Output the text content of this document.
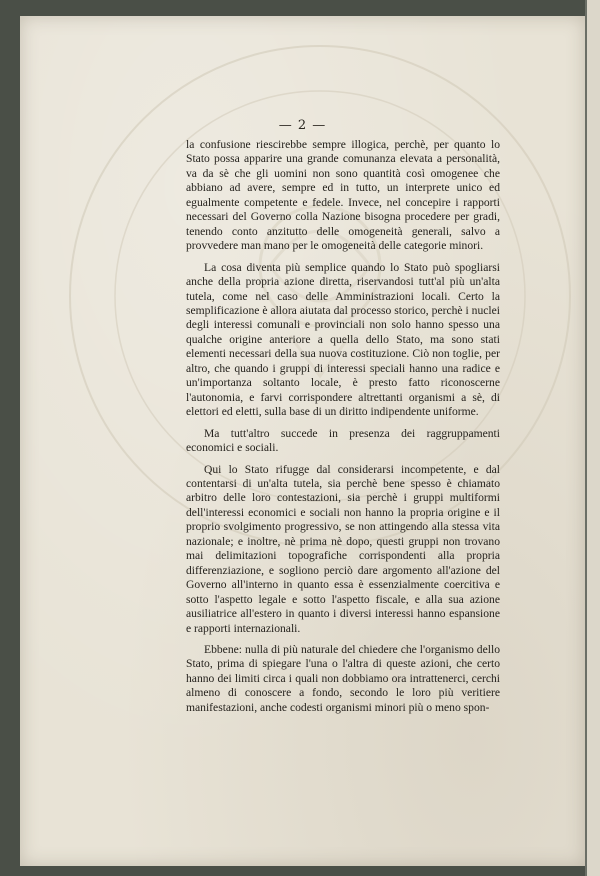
— 2 —

la confusione riescirebbe sempre illogica, perchè, per quanto lo Stato possa apparire una grande comunanza elevata a personalità, va da sè che gli uomini non sono quantità così omogenee che abbiano ad avere, sempre ed in tutto, un interprete unico ed egualmente competente e fedele. Invece, nel concepire i rapporti necessari del Governo colla Nazione bisogna procedere per gradi, tenendo conto anzitutto delle omogeneità generali, salvo a provvedere man mano per le omogeneità delle categorie minori.

La cosa diventa più semplice quando lo Stato può spogliarsi anche della propria azione diretta, riservandosi tutt'al più un'alta tutela, come nel caso delle Amministrazioni locali. Certo la semplificazione è allora aiutata dal processo storico, perchè i nuclei degli interessi comunali e provinciali non solo hanno spesso una qualche origine anteriore a quella dello Stato, ma sono stati elementi necessari della sua nuova costituzione. Ciò non toglie, per altro, che quando i gruppi di interessi speciali hanno una radice e un'importanza soltanto locale, è presto fatto riconoscerne l'autonomia, e farvi corrispondere altrettanti organismi a sè, di elettori ed eletti, sulla base di un diritto indipendente uniforme.

Ma tutt'altro succede in presenza dei raggruppamenti economici e sociali.

Qui lo Stato rifugge dal considerarsi incompetente, e dal contentarsi di un'alta tutela, sia perchè bene spesso è chiamato arbitro delle loro contestazioni, sia perchè i gruppi multiformi dell'interessi economici e sociali non hanno la propria origine e il proprio svolgimento progressivo, se non attingendo alla stessa vita nazionale; e inoltre, nè prima nè dopo, questi gruppi non trovano mai delimitazioni topografiche corrispondenti alla propria differenziazione, e sogliono perciò dare argomento all'azione del Governo all'interno in quanto essa è essenzialmente coercitiva e sotto l'aspetto legale e sotto l'aspetto fiscale, e alla sua azione ausiliatrice all'estero in quanto i diversi interessi hanno espansione e rapporti internazionali.

Ebbene: nulla di più naturale del chiedere che l'organismo dello Stato, prima di spiegare l'una o l'altra di queste azioni, che certo hanno dei limiti circa i quali non dobbiamo ora intrattenerci, cerchi almeno di conoscere a fondo, secondo le loro più veritiere manifestazioni, anche codesti organismi minori più o meno spon-
